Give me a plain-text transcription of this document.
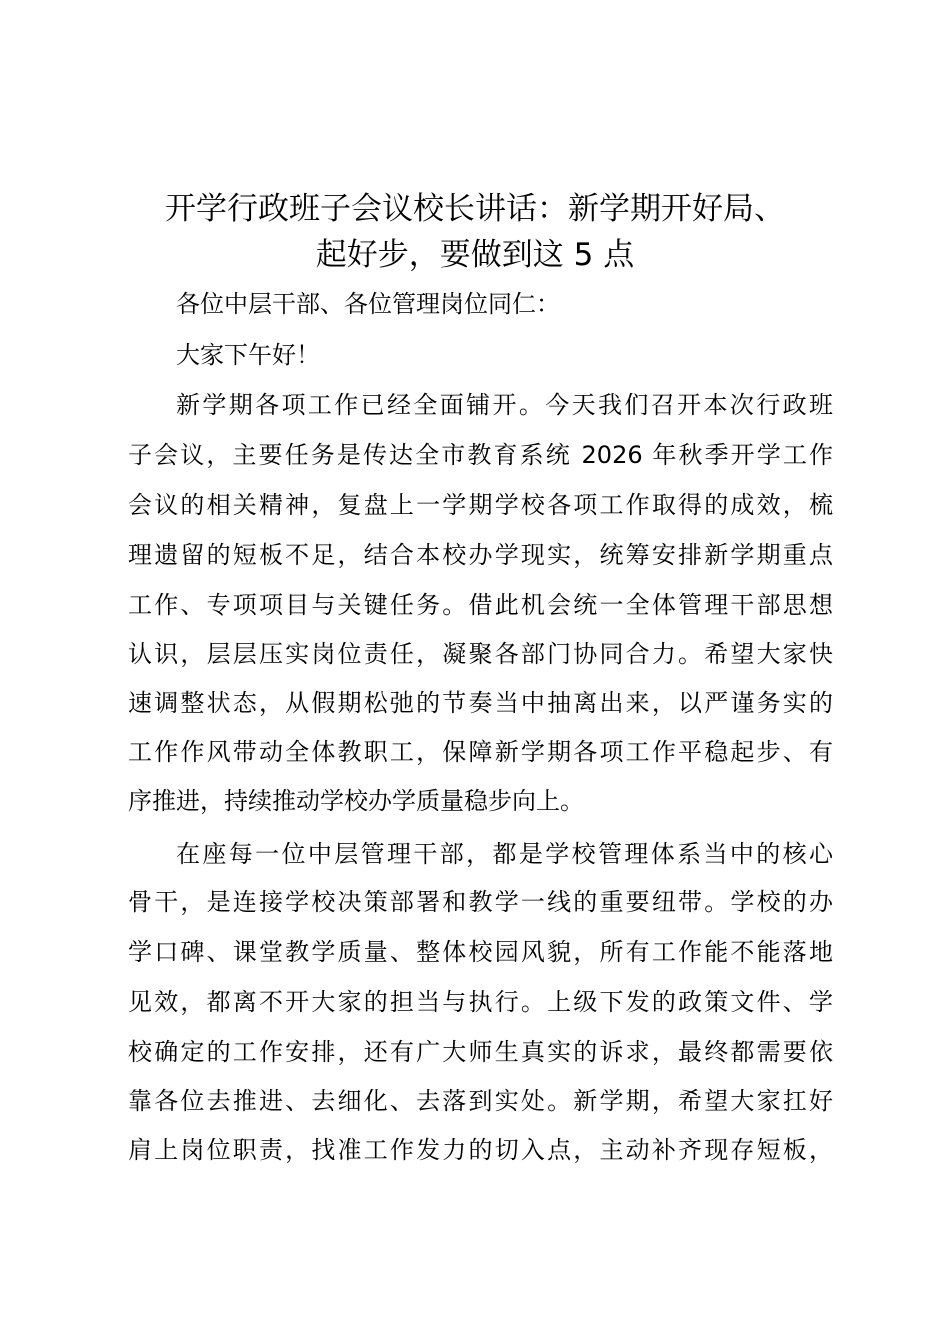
开学行政班子会议校长讲话：新学期开好局、
起好步，要做到这 5 点

各位中层干部、各位管理岗位同仁：

大家下午好！

新学期各项工作已经全面铺开。今天我们召开本次行政班

子会议，主要任务是传达全市教育系统 2026 年秋季开学工作

会议的相关精神，复盘上一学期学校各项工作取得的成效，梳

理遗留的短板不足，结合本校办学现实，统筹安排新学期重点

工作、专项项目与关键任务。借此机会统一全体管理干部思想

认识，层层压实岗位责任，凝聚各部门协同合力。希望大家快

速调整状态，从假期松弛的节奏当中抽离出来，以严谨务实的

工作作风带动全体教职工，保障新学期各项工作平稳起步、有

序推进，持续推动学校办学质量稳步向上。

在座每一位中层管理干部，都是学校管理体系当中的核心

骨干，是连接学校决策部署和教学一线的重要纽带。学校的办

学口碑、课堂教学质量、整体校园风貌，所有工作能不能落地

见效，都离不开大家的担当与执行。上级下发的政策文件、学

校确定的工作安排，还有广大师生真实的诉求，最终都需要依

靠各位去推进、去细化、去落到实处。新学期，希望大家扛好

肩上岗位职责，找准工作发力的切入点，主动补齐现存短板，
